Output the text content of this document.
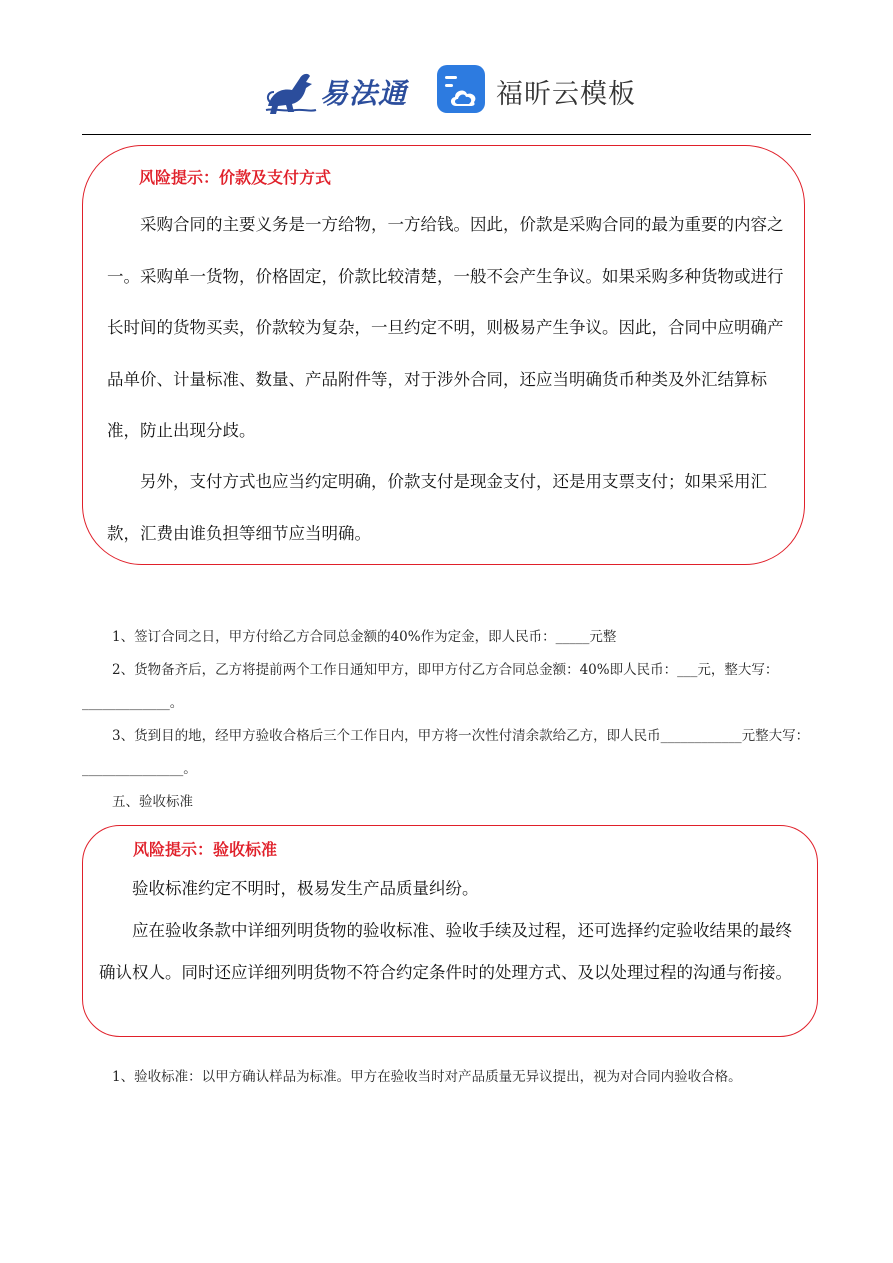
易法通	福昕云模板
风险提示：价款及支付方式

采购合同的主要义务是一方给物，一方给钱。因此，价款是采购合同的最为重要的内容之一。采购单一货物，价格固定，价款比较清楚，一般不会产生争议。如果采购多种货物或进行长时间的货物买卖，价款较为复杂，一旦约定不明，则极易产生争议。因此，合同中应明确产品单价、计量标准、数量、产品附件等，对于涉外合同，还应当明确货币种类及外汇结算标准，防止出现分歧。

另外，支付方式也应当约定明确，价款支付是现金支付，还是用支票支付；如果采用汇款，汇费由谁负担等细节应当明确。

1、签订合同之日，甲方付给乙方合同总金额的40%作为定金，即人民币：_____元整

2、货物备齐后，乙方将提前两个工作日通知甲方，即甲方付乙方合同总金额：40%即人民币：___元，整大写：_____________。

3、货到目的地，经甲方验收合格后三个工作日内，甲方将一次性付清余款给乙方，即人民币____________元整大写：_______________。

五、验收标准

风险提示：验收标准

验收标准约定不明时，极易发生产品质量纠纷。

应在验收条款中详细列明货物的验收标准、验收手续及过程，还可选择约定验收结果的最终确认权人。同时还应详细列明货物不符合约定条件时的处理方式、及以处理过程的沟通与衔接。

1、验收标准：以甲方确认样品为标准。甲方在验收当时对产品质量无异议提出，视为对合同内验收合格。
